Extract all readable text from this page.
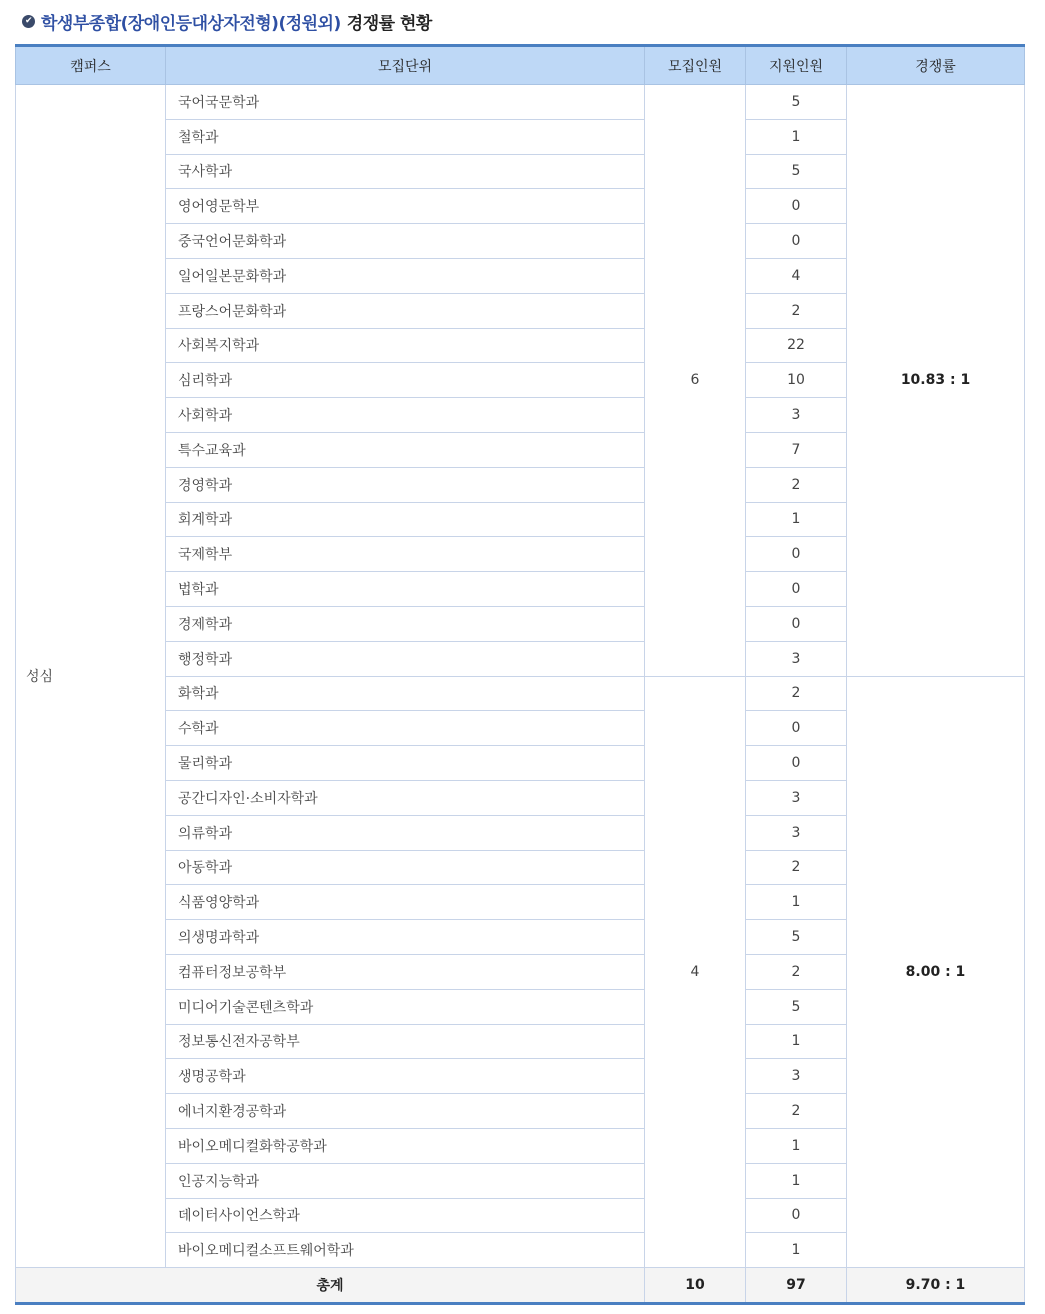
✔ 학생부종합(장애인등대상자전형)(정원외) 경쟁률 현황
캠퍼스	모집단위	모집인원	지원인원	경쟁률
성심	국어국문학과	6	5	10.83 : 1
	철학과		1	
	국사학과		5	
	영어영문학부		0	
	중국언어문화학과		0	
	일어일본문화학과		4	
	프랑스어문화학과		2	
	사회복지학과		22	
	심리학과		10	
	사회학과		3	
	특수교육과		7	
	경영학과		2	
	회계학과		1	
	국제학부		0	
	법학과		0	
	경제학과		0	
	행정학과		3	
	화학과	4	2	8.00 : 1
	수학과		0	
	물리학과		0	
	공간디자인·소비자학과		3	
	의류학과		3	
	아동학과		2	
	식품영양학과		1	
	의생명과학과		5	
	컴퓨터정보공학부		2	
	미디어기술콘텐츠학과		5	
	정보통신전자공학부		1	
	생명공학과		3	
	에너지환경공학과		2	
	바이오메디컬화학공학과		1	
	인공지능학과		1	
	데이터사이언스학과		0	
	바이오메디컬소프트웨어학과		1	
총계		10	97	9.70 : 1
